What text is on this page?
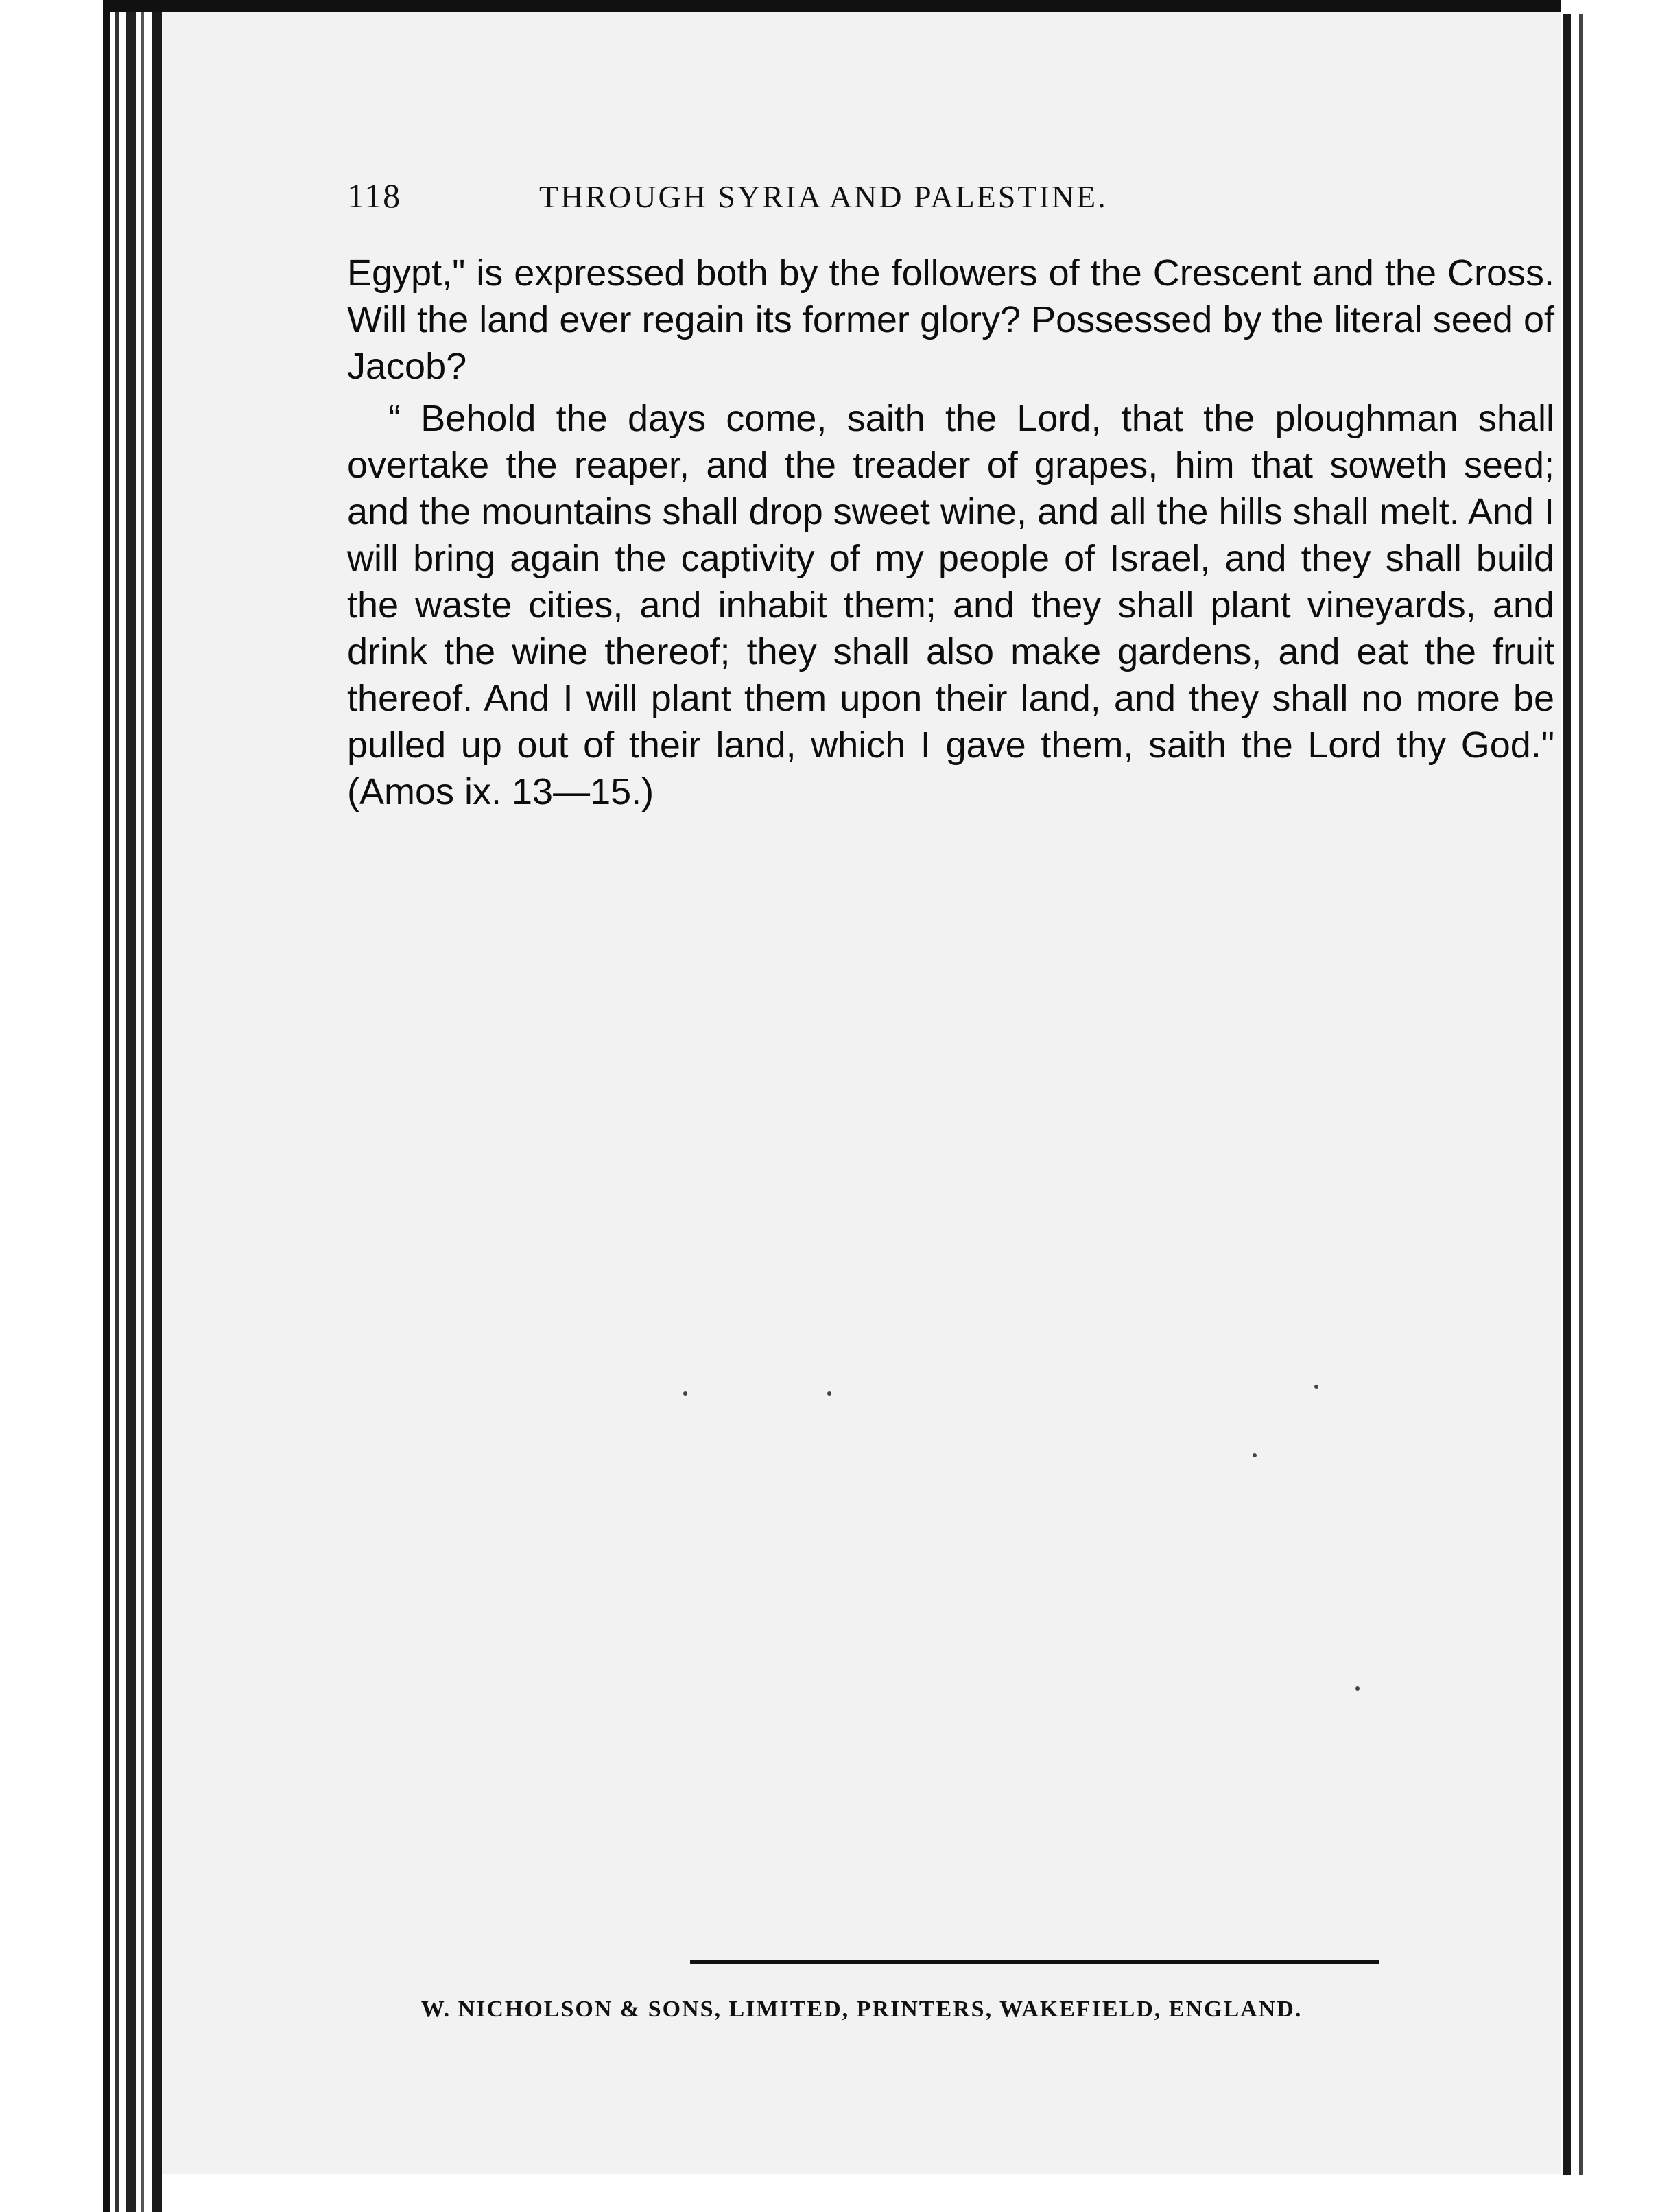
118	THROUGH SYRIA AND PALESTINE.

Egypt," is expressed both by the followers of the Crescent and the Cross. Will the land ever regain its former glory? Possessed by the literal seed of Jacob?

“ Behold the days come, saith the Lord, that the ploughman shall overtake the reaper, and the treader of grapes, him that soweth seed; and the mountains shall drop sweet wine, and all the hills shall melt. And I will bring again the captivity of my people of Israel, and they shall build the waste cities, and inhabit them; and they shall plant vineyards, and drink the wine thereof; they shall also make gardens, and eat the fruit thereof. And I will plant them upon their land, and they shall no more be pulled up out of their land, which I gave them, saith the Lord thy God." (Amos ix. 13—15.)

W. NICHOLSON & SONS, LIMITED, PRINTERS, WAKEFIELD, ENGLAND.
